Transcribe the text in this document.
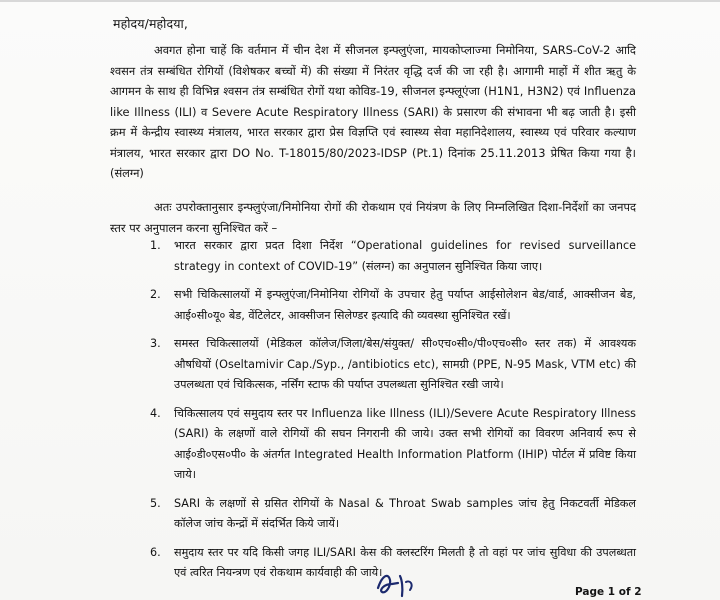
महोदय/महोदया,

अवगत होना चाहें कि वर्तमान में चीन देश में सीजनल इन्फ्लुएंजा, मायकोप्लाज्मा निमोनिया, SARS-CoV-2 आदि श्वसन तंत्र सम्बंधित रोगियों (विशेषकर बच्चों में) की संख्या में निरंतर वृद्धि दर्ज की जा रही है। आगामी माहों में शीत ऋतु के आगमन के साथ ही विभिन्न श्वसन तंत्र सम्बंधित रोगों यथा कोविड-19, सीजनल इन्फ्लूएंजा (H1N1, H3N2) एवं Influenza like Illness (ILI) व Severe Acute Respiratory Illness (SARI) के प्रसारण की संभावना भी बढ़ जाती है। इसी क्रम में केन्द्रीय स्वास्थ्य मंत्रालय, भारत सरकार द्वारा प्रेस विज्ञप्ति एवं स्वास्थ्य सेवा महानिदेशालय, स्वास्थ्य एवं परिवार कल्याण मंत्रालय, भारत सरकार द्वारा DO No. T-18015/80/2023-IDSP (Pt.1) दिनांक 25.11.2013 प्रेषित किया गया है। (संलग्न)

अतः उपरोक्तानुसार इन्फ्लुएंजा/निमोनिया रोगों की रोकथाम एवं नियंत्रण के लिए निम्नलिखित दिशा-निर्देशों का जनपद स्तर पर अनुपालन करना सुनिश्चित करें –

1. भारत सरकार द्वारा प्रदत दिशा निर्देश “Operational guidelines for revised surveillance strategy in context of COVID-19” (संलग्न) का अनुपालन सुनिश्चित किया जाए।
2. सभी चिकित्सालयों में इन्फ्लुएंजा/निमोनिया रोगियों के उपचार हेतु पर्याप्त आईसोलेशन बेड/वार्ड, आक्सीजन बेड, आई०सी०यू० बेड, वेंटिलेटर, आक्सीजन सिलेण्डर इत्यादि की व्यवस्था सुनिश्चित रखें।
3. समस्त चिकित्सालयों (मेडिकल कॉलेज/जिला/बेस/संयुक्त/ सी०एच०सी०/पी०एच०सी० स्तर तक) में आवश्यक औषधियों (Oseltamivir Cap./Syp., /antibiotics etc), सामग्री (PPE, N-95 Mask, VTM etc) की उपलब्धता एवं चिकित्सक, नर्सिंग स्टाफ की पर्याप्त उपलब्धता सुनिश्चित रखी जाये।
4. चिकित्सालय एवं समुदाय स्तर पर Influenza like Illness (ILI)/Severe Acute Respiratory Illness (SARI) के लक्षणों वाले रोगियों की सघन निगरानी की जाये। उक्त सभी रोगियों का विवरण अनिवार्य रूप से आई०डी०एस०पी० के अंतर्गत Integrated Health Information Platform (IHIP) पोर्टल में प्रविष्ट किया जाये।
5. SARI के लक्षणों से ग्रसित रोगियों के Nasal & Throat Swab samples जांच हेतु निकटवर्ती मेडिकल कॉलेज जांच केन्द्रों में संदर्भित किये जायें।
6. समुदाय स्तर पर यदि किसी जगह ILI/SARI केस की क्लस्टरिंग मिलती है तो वहां पर जांच सुविधा की उपलब्धता एवं त्वरित नियन्त्रण एवं रोकथाम कार्यवाही की जाये।
Page 1 of 2
